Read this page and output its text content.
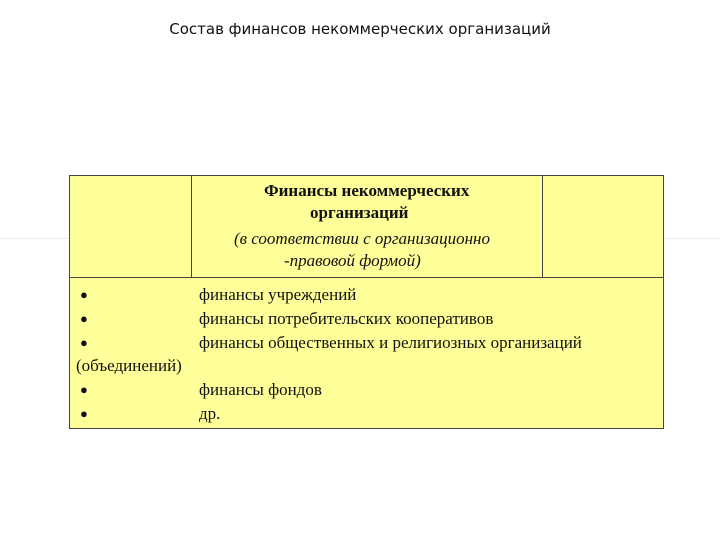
Состав финансов некоммерческих организаций
Финансы некоммерческих
организаций
(в соответствии с организационно
-правовой формой)
●	финансы учреждений
●	финансы потребительских кооперативов
●	финансы общественных и религиозных организаций
(объединений)
●	финансы фондов
●	др.
